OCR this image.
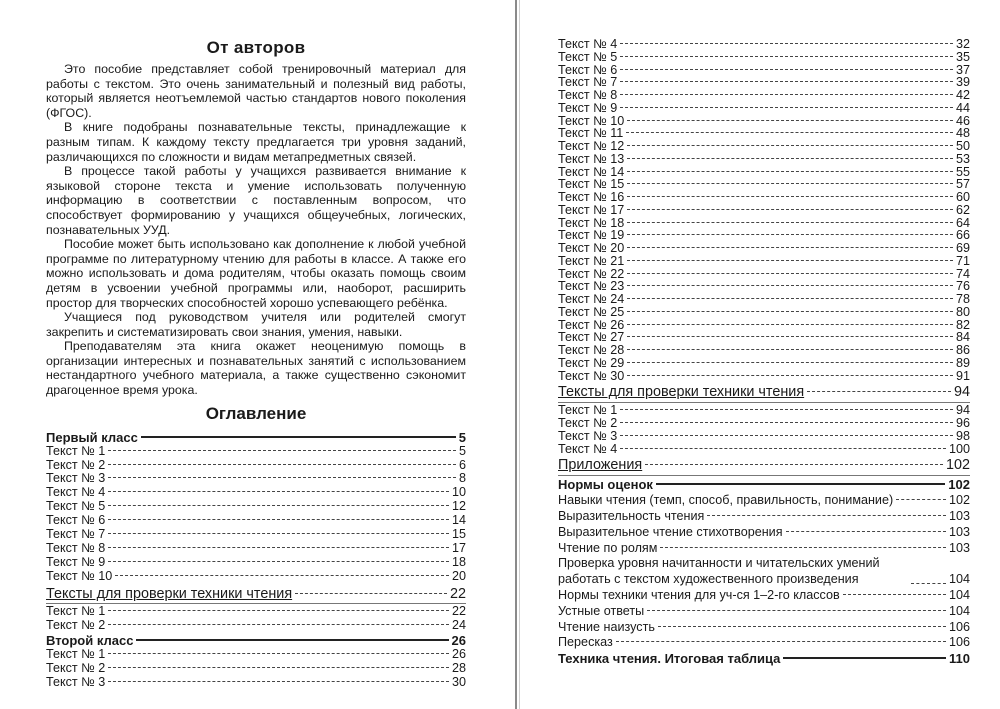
От авторов

Это пособие представляет собой тренировочный материал для работы с текстом. Это очень занимательный и полезный вид работы, который является неотъемлемой частью стандартов нового поколения (ФГОС).

В книге подобраны познавательные тексты, принадлежащие к разным типам. К каждому тексту предлагается три уровня заданий, различающихся по сложности и видам метапредметных связей.

В процессе такой работы у учащихся развивается внимание к языковой стороне текста и умение использовать полученную информацию в соответствии с поставленным вопросом, что способствует формированию у учащихся общеучебных, логических, познавательных УУД.

Пособие может быть использовано как дополнение к любой учебной программе по литературному чтению для работы в классе. А также его можно использовать и дома родителям, чтобы оказать помощь своим детям в усвоении учебной программы или, наоборот, расширить простор для творческих способностей хорошо успевающего ребёнка.

Учащиеся под руководством учителя или родителей смогут закрепить и систематизировать свои знания, умения, навыки.

Преподавателям эта книга окажет неоценимую помощь в организации интересных и познавательных занятий с использованием нестандартного учебного материала, а также существенно сэкономит драгоценное время урока.

Оглавление
Первый класс	5
Текст № 1	5
Текст № 2	6
Текст № 3	8
Текст № 4	10
Текст № 5	12
Текст № 6	14
Текст № 7	15
Текст № 8	17
Текст № 9	18
Текст № 10	20
Тексты для проверки техники чтения	22
Текст № 1	22
Текст № 2	24
Второй класс	26
Текст № 1	26
Текст № 2	28
Текст № 3	30
Текст № 4	32
Текст № 5	35
Текст № 6	37
Текст № 7	39
Текст № 8	42
Текст № 9	44
Текст № 10	46
Текст № 11	48
Текст № 12	50
Текст № 13	53
Текст № 14	55
Текст № 15	57
Текст № 16	60
Текст № 17	62
Текст № 18	64
Текст № 19	66
Текст № 20	69
Текст № 21	71
Текст № 22	74
Текст № 23	76
Текст № 24	78
Текст № 25	80
Текст № 26	82
Текст № 27	84
Текст № 28	86
Текст № 29	89
Текст № 30	91
Тексты для проверки техники чтения	94
Текст № 1	94
Текст № 2	96
Текст № 3	98
Текст № 4	100
Приложения	102
Нормы оценок	102
Навыки чтения (темп, способ, правильность, понимание)	102
Выразительность чтения	103
Выразительное чтение стихотворения	103
Чтение по ролям	103
Проверка уровня начитанности и читательских умений работать с текстом художественного произведения	104
Нормы техники чтения для уч-ся 1–2-го классов	104
Устные ответы	104
Чтение наизусть	106
Пересказ	106
Техника чтения. Итоговая таблица	110
